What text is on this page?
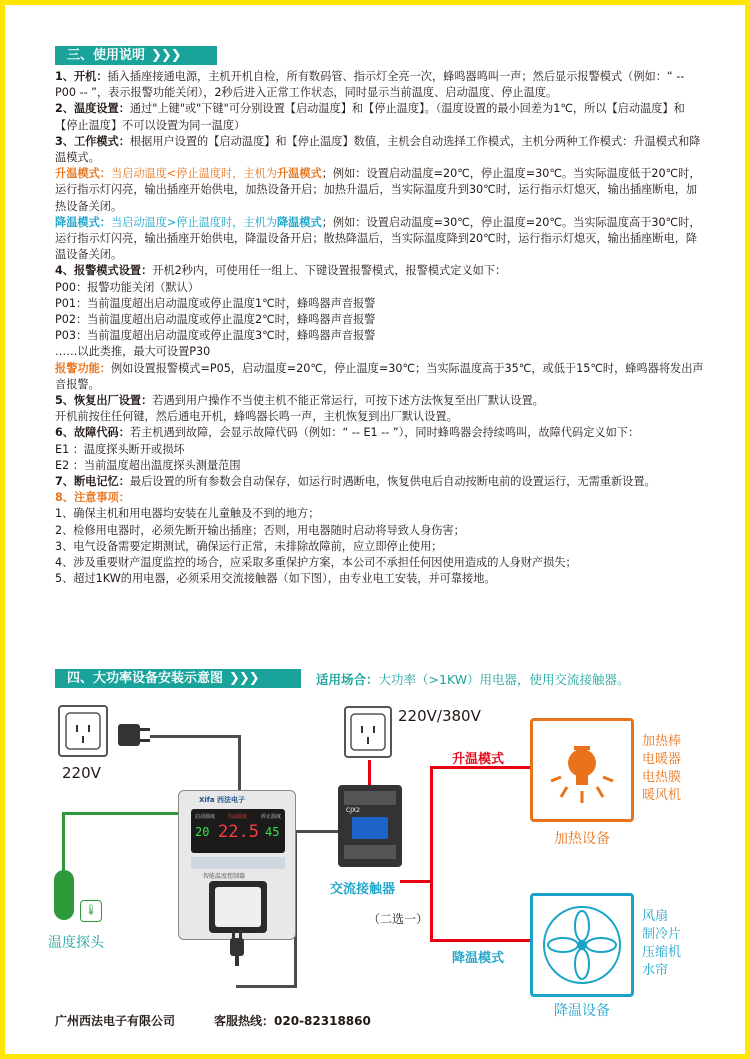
三、使用说明 ❯❯❯

1、开机：插入插座接通电源，主机开机自检，所有数码管、指示灯全亮一次，蜂鸣器鸣叫一声；然后显示报警模式（例如：“ -- P00 -- ”，表示报警功能关闭），2秒后进入正常工作状态，同时显示当前温度、启动温度、停止温度。

2、温度设置：通过"上键"或"下键"可分别设置【启动温度】和【停止温度】。（温度设置的最小回差为1℃，所以【启动温度】和【停止温度】不可以设置为同一温度）

3、工作模式：根据用户设置的【启动温度】和【停止温度】数值，主机会自动选择工作模式，主机分两种工作模式：升温模式和降温模式。

升温模式：当启动温度<停止温度时，主机为升温模式；例如：设置启动温度=20℃，停止温度=30℃。当实际温度低于20℃时，运行指示灯闪亮，输出插座开始供电，加热设备开启；加热升温后，当实际温度升到30℃时，运行指示灯熄灭，输出插座断电，加热设备关闭。

降温模式：当启动温度>停止温度时，主机为降温模式；例如：设置启动温度=30℃，停止温度=20℃。当实际温度高于30℃时，运行指示灯闪亮，输出插座开始供电，降温设备开启；散热降温后，当实际温度降到20℃时，运行指示灯熄灭，输出插座断电，降温设备关闭。

4、报警模式设置：开机2秒内，可使用任一组上、下键设置报警模式，报警模式定义如下：

P00：报警功能关闭（默认）

P01：当前温度超出启动温度或停止温度1℃时，蜂鸣器声音报警

P02：当前温度超出启动温度或停止温度2℃时，蜂鸣器声音报警

P03：当前温度超出启动温度或停止温度3℃时，蜂鸣器声音报警

……以此类推，最大可设置P30

报警功能：例如设置报警模式=P05，启动温度=20℃，停止温度=30℃；当实际温度高于35℃，或低于15℃时，蜂鸣器将发出声音报警。

5、恢复出厂设置：若遇到用户操作不当使主机不能正常运行，可按下述方法恢复至出厂默认设置。

开机前按住任何键，然后通电开机，蜂鸣器长鸣一声，主机恢复到出厂默认设置。

6、故障代码：若主机遇到故障，会显示故障代码（例如：“ -- E1 -- ”），同时蜂鸣器会持续鸣叫，故障代码定义如下：

E1 ：温度探头断开或损坏

E2 ：当前温度超出温度探头测量范围

7、断电记忆：最后设置的所有参数会自动保存，如运行时遇断电，恢复供电后自动按断电前的设置运行，无需重新设置。

8、注意事项：

1、确保主机和用电器均安装在儿童触及不到的地方；

2、检修用电器时，必须先断开输出插座；否则，用电器随时启动将导致人身伤害；

3、电气设备需要定期测试，确保运行正常，未排除故障前，应立即停止使用；

4、涉及重要财产温度监控的场合，应采取多重保护方案，本公司不承担任何因使用造成的人身财产损失；

5、超过1KW的用电器，必须采用交流接触器（如下图），由专业电工安装，并可靠接地。

四、大功率设备安装示意图 ❯❯❯	适用场合：大功率（>1KW）用电器，使用交流接触器。
220V
Xifa 西法电子
启动温度 当前温度	停止温度
20 22.5 45
智能温度控制器
🌡
温度探头
220V/380V
CJX2
交流接触器
（二选一）
升温模式
降温模式
加热设备
加热棒
电暖器
电热膜
暖风机
降温设备
风扇
制冷片
压缩机
水帘
广州西法电子有限公司	客服热线：020-82318860
